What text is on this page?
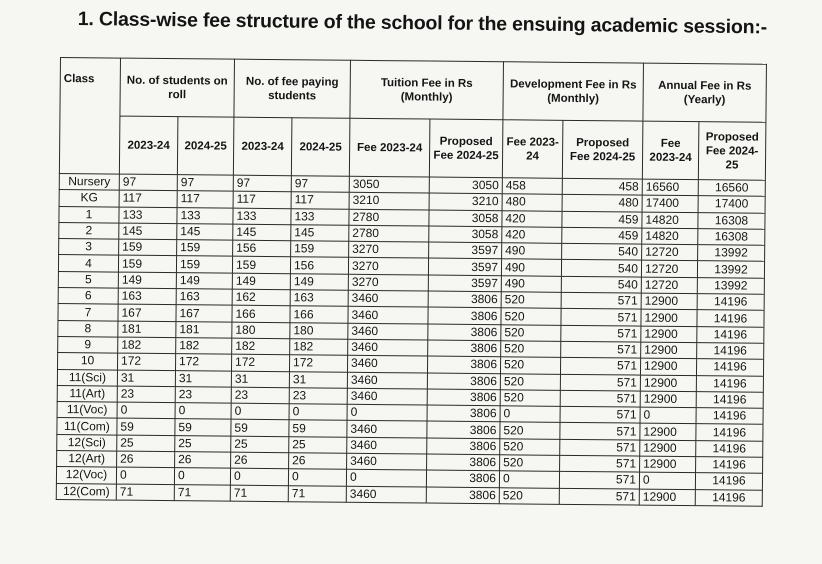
1. Class-wise fee structure of the school for the ensuing academic session:-
Class	No. of students on roll		No. of fee paying students		Tuition Fee in Rs (Monthly)		Development Fee in Rs (Monthly)		Annual Fee in Rs (Yearly)	
	2023-24	2024-25	2023-24	2024-25	Fee 2023-24	Proposed Fee 2024-25	Fee 2023-24	Proposed Fee 2024-25	Fee 2023-24	Proposed Fee 2024-25
Nursery	97	97	97	97	3050	3050	458	458	16560	16560
KG	117	117	117	117	3210	3210	480	480	17400	17400
1	133	133	133	133	2780	3058	420	459	14820	16308
2	145	145	145	145	2780	3058	420	459	14820	16308
3	159	159	156	159	3270	3597	490	540	12720	13992
4	159	159	159	156	3270	3597	490	540	12720	13992
5	149	149	149	149	3270	3597	490	540	12720	13992
6	163	163	162	163	3460	3806	520	571	12900	14196
7	167	167	166	166	3460	3806	520	571	12900	14196
8	181	181	180	180	3460	3806	520	571	12900	14196
9	182	182	182	182	3460	3806	520	571	12900	14196
10	172	172	172	172	3460	3806	520	571	12900	14196
11(Sci)	31	31	31	31	3460	3806	520	571	12900	14196
11(Art)	23	23	23	23	3460	3806	520	571	12900	14196
11(Voc)	0	0	0	0	0	3806	0	571	0	14196
11(Com)	59	59	59	59	3460	3806	520	571	12900	14196
12(Sci)	25	25	25	25	3460	3806	520	571	12900	14196
12(Art)	26	26	26	26	3460	3806	520	571	12900	14196
12(Voc)	0	0	0	0	0	3806	0	571	0	14196
12(Com)	71	71	71	71	3460	3806	520	571	12900	14196
